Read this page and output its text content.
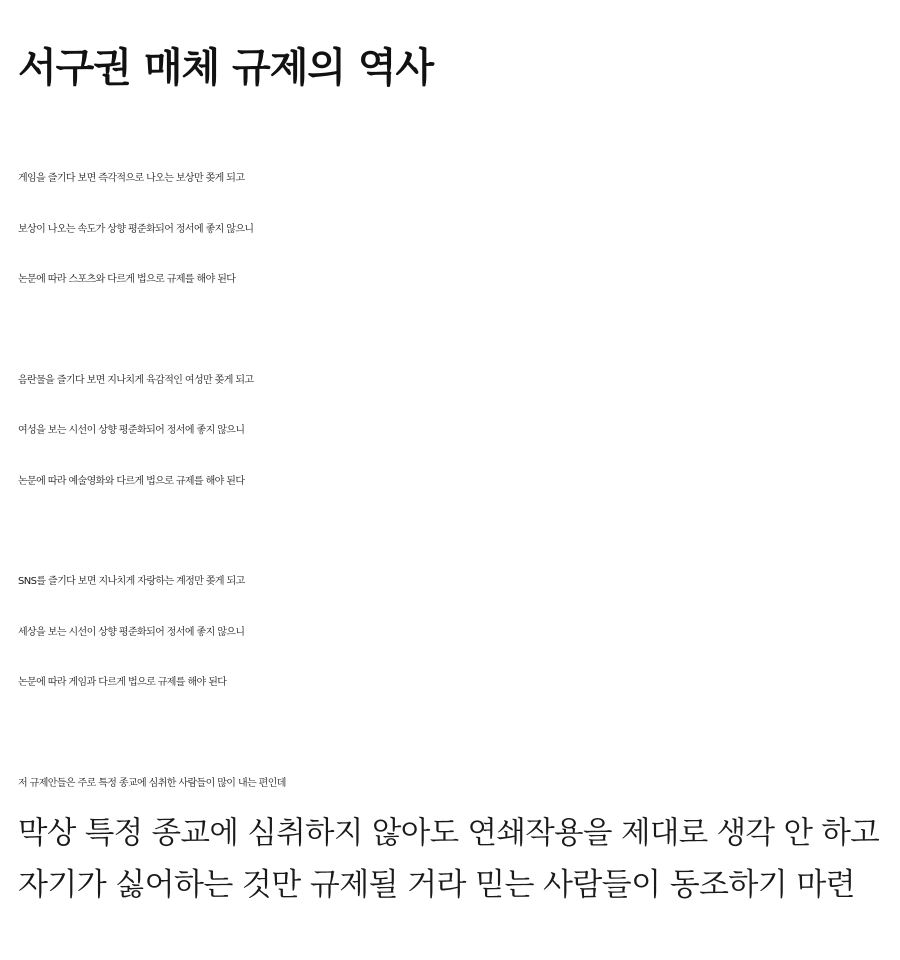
서구권 매체 규제의 역사
게임을 즐기다 보면 즉각적으로 나오는 보상만 쫒게 되고
보상이 나오는 속도가 상향 평준화되어 정서에 좋지 않으니
논문에 따라 스포츠와 다르게 법으로 규제를 해야 된다
음란물을 즐기다 보면 지나치게 육감적인 여성만 쫒게 되고
여성을 보는 시선이 상향 평준화되어 정서에 좋지 않으니
논문에 따라 예술영화와 다르게 법으로 규제를 해야 된다
SNS를 즐기다 보면 지나치게 자랑하는 계정만 쫒게 되고
세상을 보는 시선이 상향 평준화되어 정서에 좋지 않으니
논문에 따라 게임과 다르게 법으로 규제를 해야 된다
저 규제안들은 주로 특정 종교에 심취한 사람들이 많이 내는 편인데
막상 특정 종교에 심취하지 않아도 연쇄작용을 제대로 생각 안 하고
자기가 싫어하는 것만 규제될 거라 믿는 사람들이 동조하기 마련
